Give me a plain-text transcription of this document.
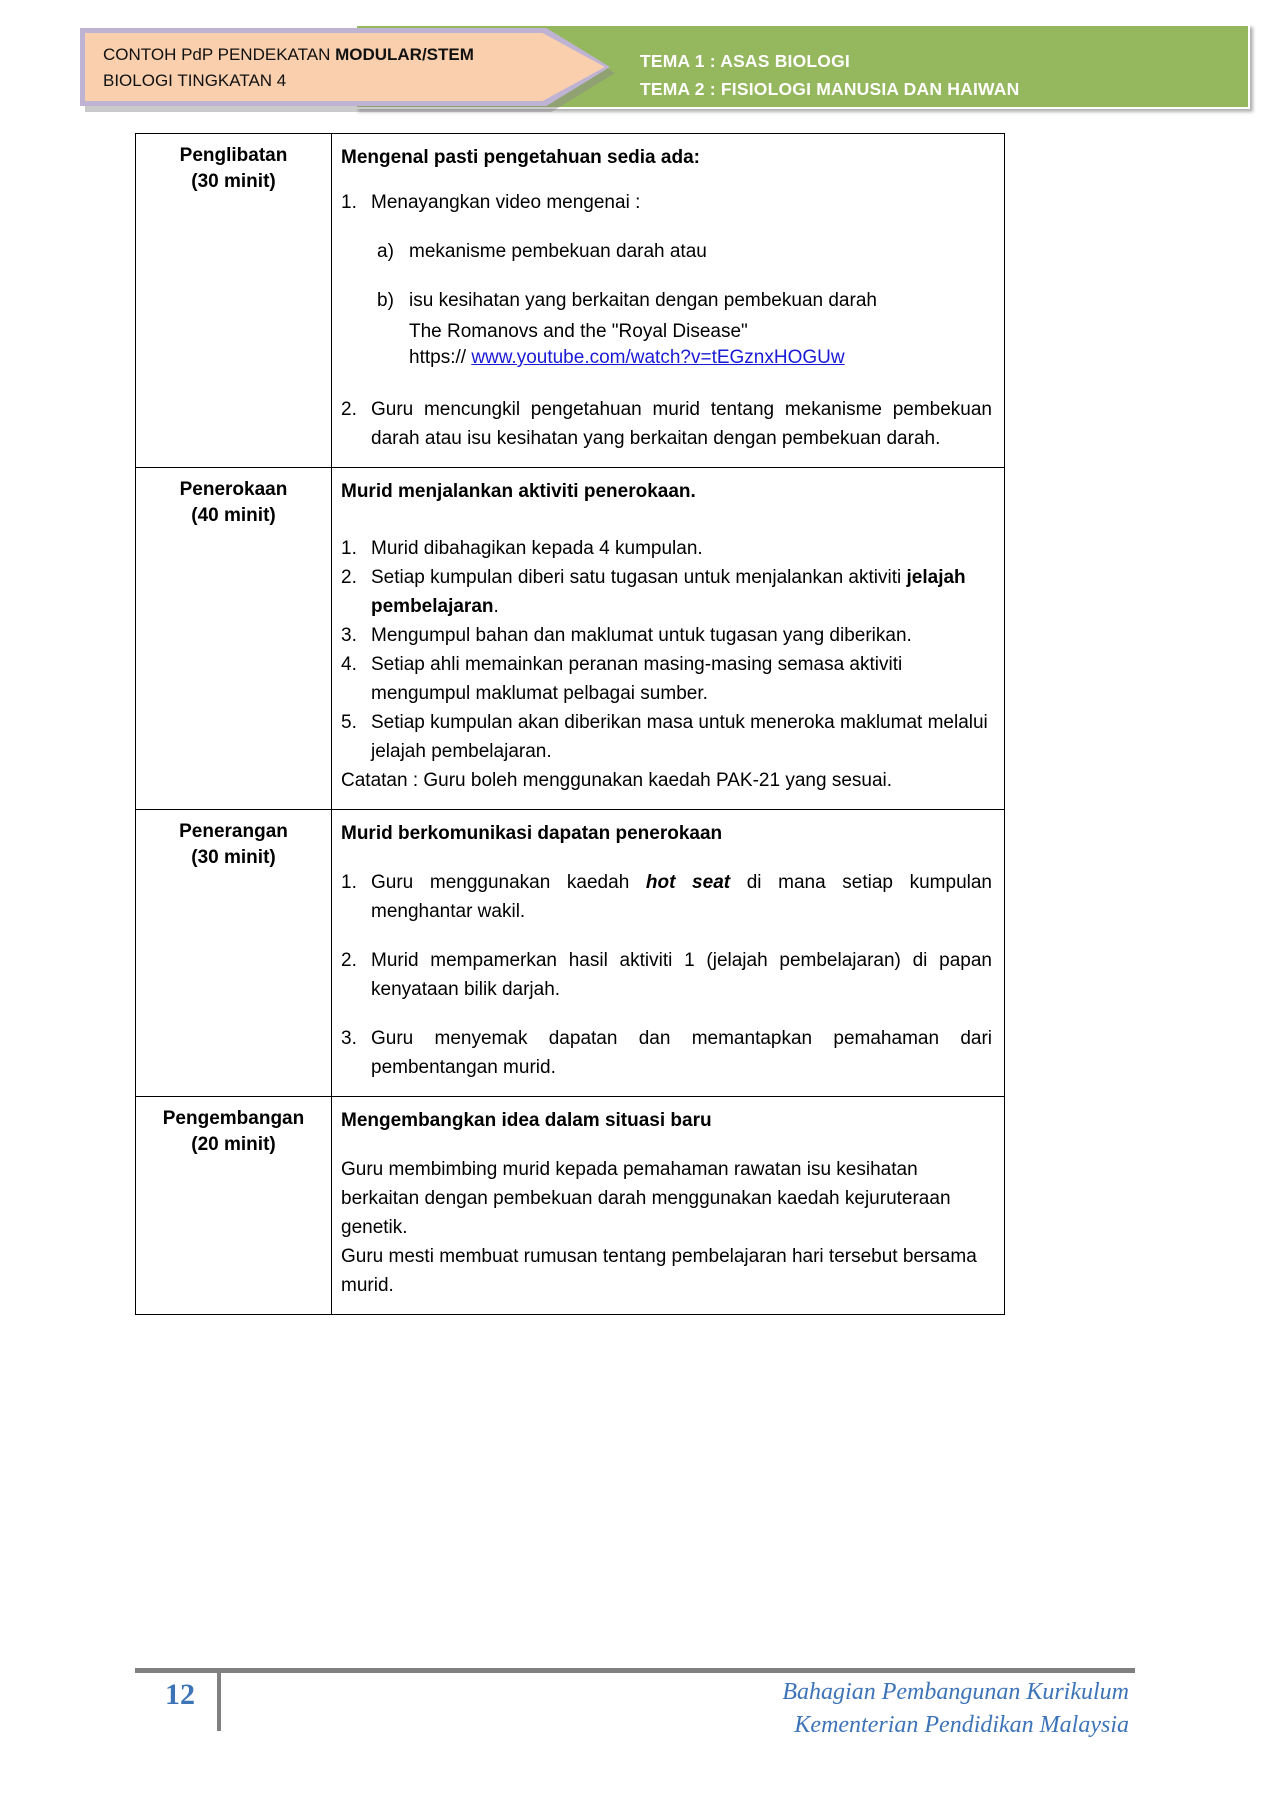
TEMA 1 : ASAS BIOLOGI
TEMA 2 : FISIOLOGI MANUSIA DAN HAIWAN
CONTOH PdP PENDEKATAN MODULAR/STEM
BIOLOGI TINGKATAN 4
Penglibatan
(30 minit)

Mengenal pasti pengetahuan sedia ada:

1. Menayangkan video mengenai :
a) mekanisme pembekuan darah atau
b) isu kesihatan yang berkaitan dengan pembekuan darah
The Romanovs and the "Royal Disease"
https:// www.youtube.com/watch?v=tEGznxHOGUw
2. Guru mencungkil pengetahuan murid tentang mekanisme pembekuan darah atau isu kesihatan yang berkaitan dengan pembekuan darah.

Penerokaan
(40 minit)

Murid menjalankan aktiviti penerokaan.

1. Murid dibahagikan kepada 4 kumpulan.
2. Setiap kumpulan diberi satu tugasan untuk menjalankan aktiviti jelajah pembelajaran.
3. Mengumpul bahan dan maklumat untuk tugasan yang diberikan.
4. Setiap ahli memainkan peranan masing-masing semasa aktiviti mengumpul maklumat pelbagai sumber.
5. Setiap kumpulan akan diberikan masa untuk meneroka maklumat melalui jelajah pembelajaran.

Catatan : Guru boleh menggunakan kaedah PAK-21 yang sesuai.

Penerangan
(30 minit)

Murid berkomunikasi dapatan penerokaan

1. Guru menggunakan kaedah hot seat di mana setiap kumpulan menghantar wakil.
2. Murid mempamerkan hasil aktiviti 1 (jelajah pembelajaran) di papan kenyataan bilik darjah.
3. Guru menyemak dapatan dan memantapkan pemahaman dari pembentangan murid.

Pengembangan
(20 minit)

Mengembangkan idea dalam situasi baru

Guru membimbing murid kepada pemahaman rawatan isu kesihatan berkaitan dengan pembekuan darah menggunakan kaedah kejuruteraan genetik.

Guru mesti membuat rumusan tentang pembelajaran hari tersebut bersama murid.

12	Bahagian Pembangunan Kurikulum
Kementerian Pendidikan Malaysia
